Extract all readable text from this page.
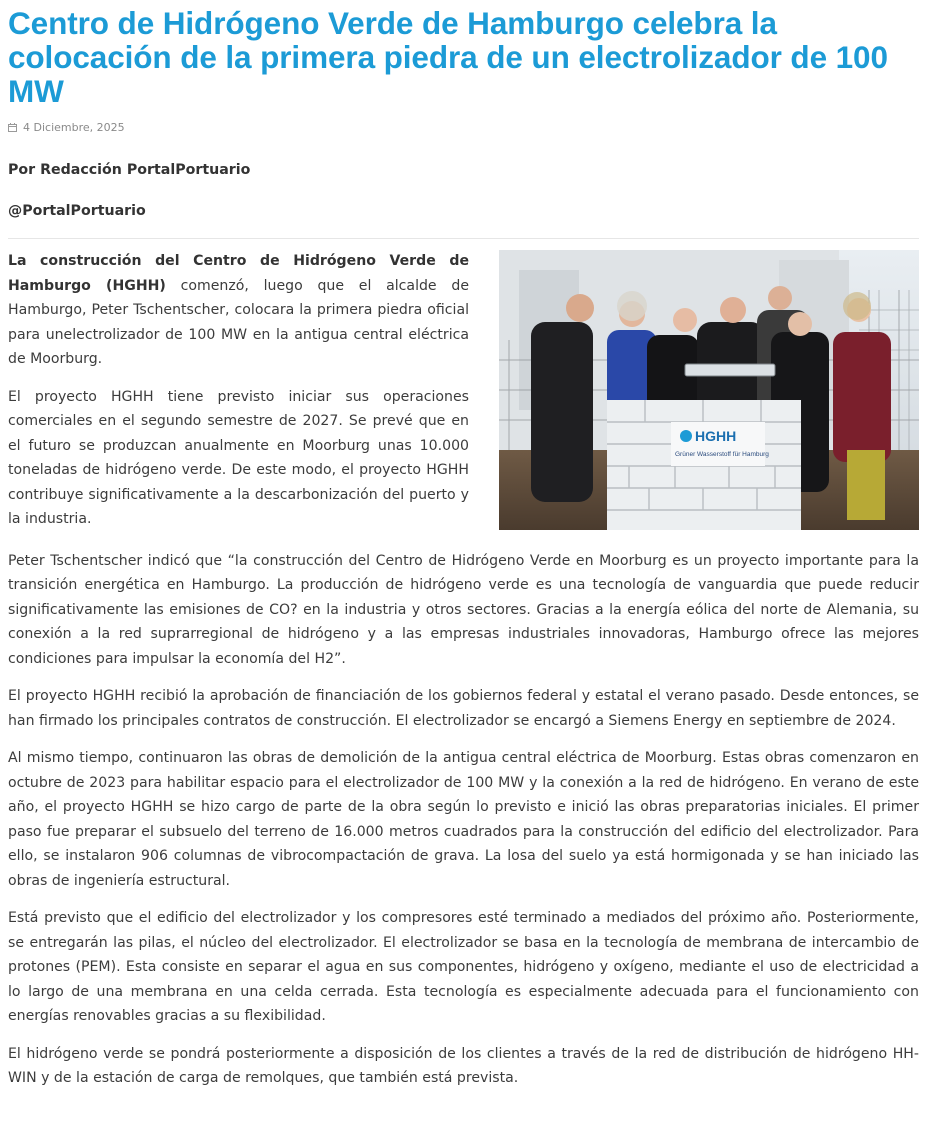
Centro de Hidrógeno Verde de Hamburgo celebra la colocación de la primera piedra de un electrolizador de 100 MW
4 Diciembre, 2025
Por Redacción PortalPortuario
@PortalPortuario
HGHH
Grüner Wasserstoff für Hamburg

La construcción del Centro de Hidrógeno Verde de Hamburgo (HGHH) comenzó, luego que el alcalde de Hamburgo, Peter Tschentscher, colocara la primera piedra oficial para unelectrolizador de 100 MW en la antigua central eléctrica de Moorburg.

El proyecto HGHH tiene previsto iniciar sus operaciones comerciales en el segundo semestre de 2027. Se prevé que en el futuro se produzcan anualmente en Moorburg unas 10.000 toneladas de hidrógeno verde. De este modo, el proyecto HGHH contribuye significativamente a la descarbonización del puerto y la industria.

Peter Tschentscher indicó que “la construcción del Centro de Hidrógeno Verde en Moorburg es un proyecto importante para la transición energética en Hamburgo. La producción de hidrógeno verde es una tecnología de vanguardia que puede reducir significativamente las emisiones de CO? en la industria y otros sectores. Gracias a la energía eólica del norte de Alemania, su conexión a la red suprarregional de hidrógeno y a las empresas industriales innovadoras, Hamburgo ofrece las mejores condiciones para impulsar la economía del H2”.

El proyecto HGHH recibió la aprobación de financiación de los gobiernos federal y estatal el verano pasado. Desde entonces, se han firmado los principales contratos de construcción. El electrolizador se encargó a Siemens Energy en septiembre de 2024.

Al mismo tiempo, continuaron las obras de demolición de la antigua central eléctrica de Moorburg. Estas obras comenzaron en octubre de 2023 para habilitar espacio para el electrolizador de 100 MW y la conexión a la red de hidrógeno. En verano de este año, el proyecto HGHH se hizo cargo de parte de la obra según lo previsto e inició las obras preparatorias iniciales. El primer paso fue preparar el subsuelo del terreno de 16.000 metros cuadrados para la construcción del edificio del electrolizador. Para ello, se instalaron 906 columnas de vibrocompactación de grava. La losa del suelo ya está hormigonada y se han iniciado las obras de ingeniería estructural.

Está previsto que el edificio del electrolizador y los compresores esté terminado a mediados del próximo año. Posteriormente, se entregarán las pilas, el núcleo del electrolizador. El electrolizador se basa en la tecnología de membrana de intercambio de protones (PEM). Esta consiste en separar el agua en sus componentes, hidrógeno y oxígeno, mediante el uso de electricidad a lo largo de una membrana en una celda cerrada. Esta tecnología es especialmente adecuada para el funcionamiento con energías renovables gracias a su flexibilidad.

El hidrógeno verde se pondrá posteriormente a disposición de los clientes a través de la red de distribución de hidrógeno HH-WIN y de la estación de carga de remolques, que también está prevista.
